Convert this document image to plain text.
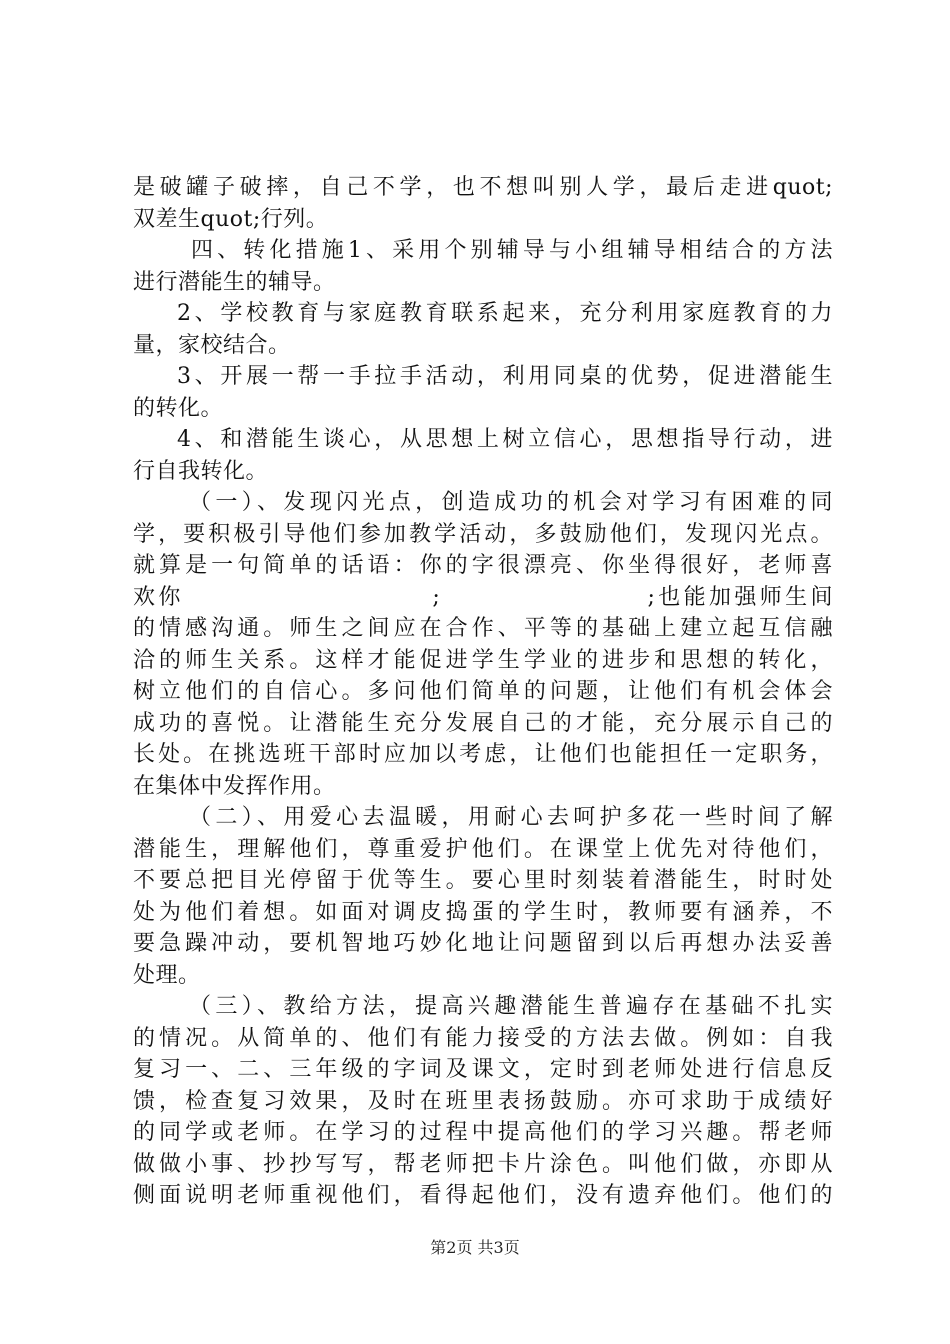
是破罐子破摔，自己不学，也不想叫别人学，最后走进quot;
双差生quot;行列。
四、转化措施1、采用个别辅导与小组辅导相结合的方法
进行潜能生的辅导。
2、学校教育与家庭教育联系起来，充分利用家庭教育的力
量，家校结合。
3、开展一帮一手拉手活动，利用同桌的优势，促进潜能生
的转化。
4、和潜能生谈心，从思想上树立信心，思想指导行动，进
行自我转化。
（一）、发现闪光点，创造成功的机会对学习有困难的同
学，要积极引导他们参加教学活动，多鼓励他们，发现闪光点。
就算是一句简单的话语：你的字很漂亮、你坐得很好，老师喜
欢你                        ;                    ;也能加强师生间
的情感沟通。师生之间应在合作、平等的基础上建立起互信融
洽的师生关系。这样才能促进学生学业的进步和思想的转化，
树立他们的自信心。多问他们简单的问题，让他们有机会体会
成功的喜悦。让潜能生充分发展自己的才能，充分展示自己的
长处。在挑选班干部时应加以考虑，让他们也能担任一定职务，
在集体中发挥作用。
（二）、用爱心去温暖，用耐心去呵护多花一些时间了解
潜能生，理解他们，尊重爱护他们。在课堂上优先对待他们，
不要总把目光停留于优等生。要心里时刻装着潜能生，时时处
处为他们着想。如面对调皮捣蛋的学生时，教师要有涵养，不
要急躁冲动，要机智地巧妙化地让问题留到以后再想办法妥善
处理。
（三）、教给方法，提高兴趣潜能生普遍存在基础不扎实
的情况。从简单的、他们有能力接受的方法去做。例如：自我
复习一、二、三年级的字词及课文，定时到老师处进行信息反
馈，检查复习效果，及时在班里表扬鼓励。亦可求助于成绩好
的同学或老师。在学习的过程中提高他们的学习兴趣。帮老师
做做小事、抄抄写写，帮老师把卡片涂色。叫他们做，亦即从
侧面说明老师重视他们，看得起他们，没有遗弃他们。他们的
第2页 共3页
